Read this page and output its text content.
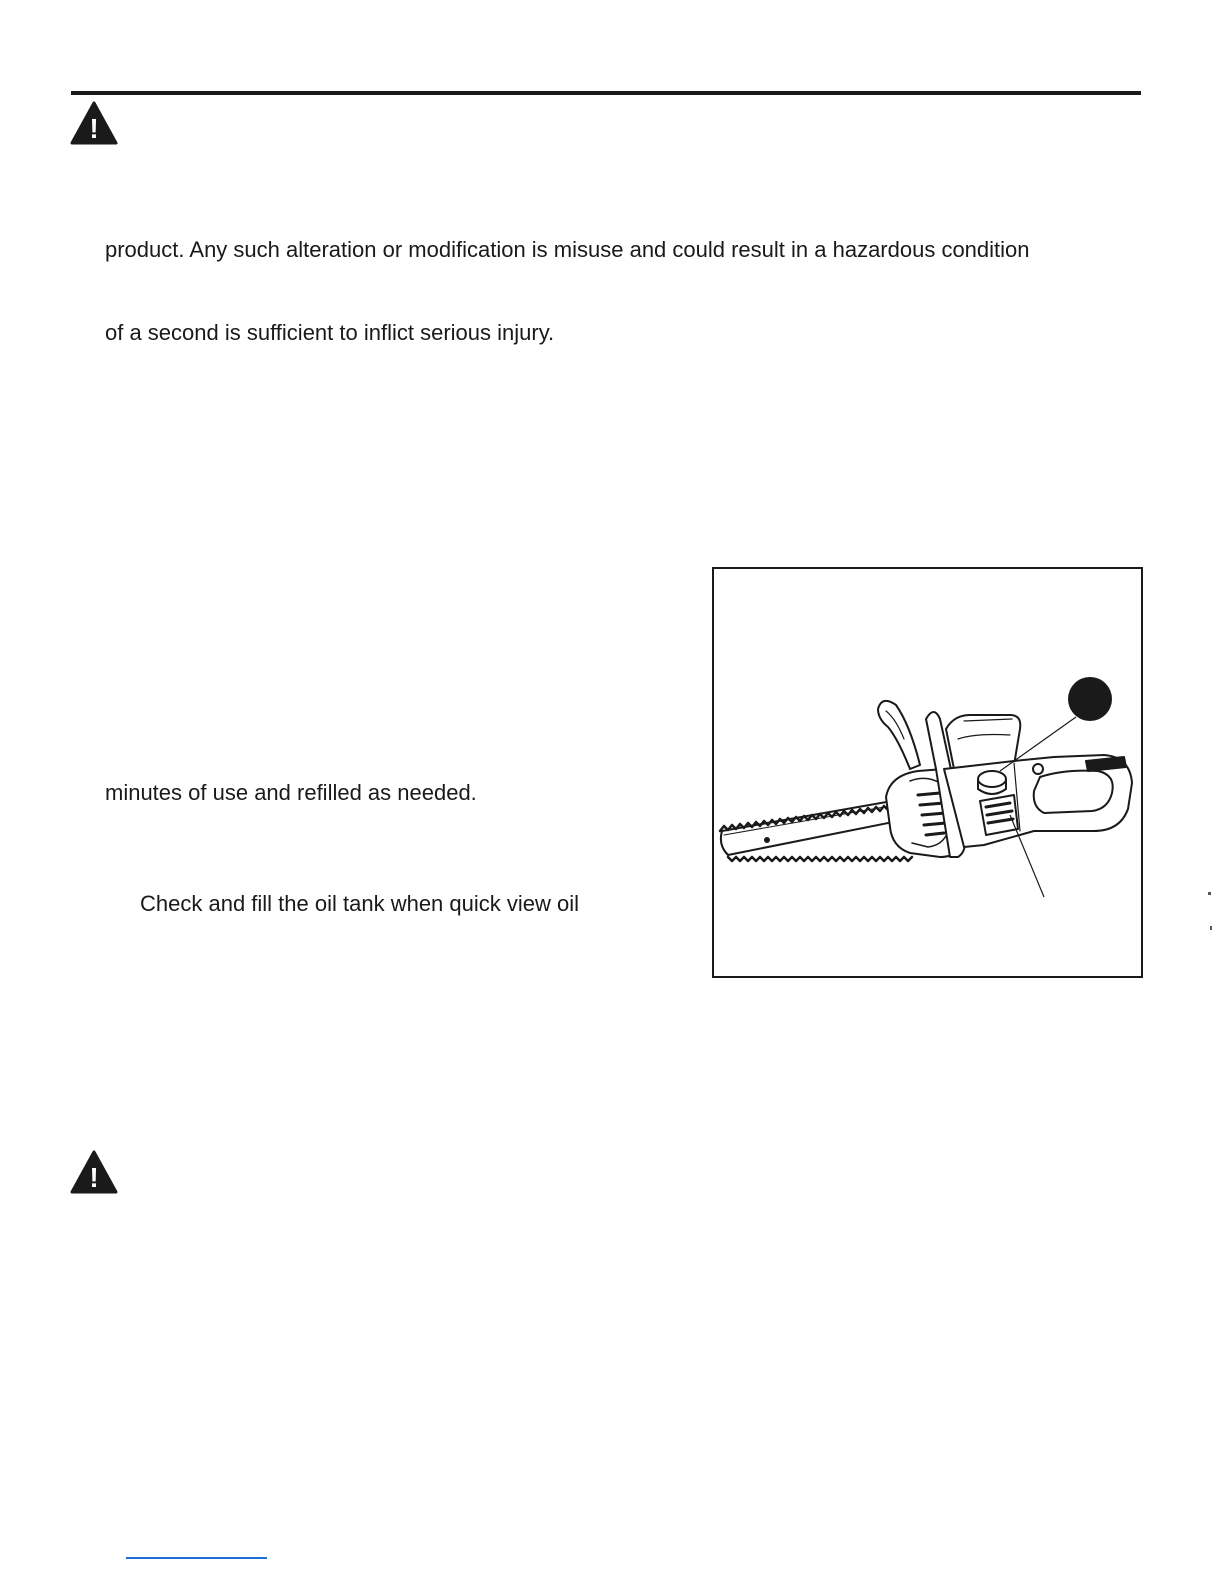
!

product. Any such alteration or modification is misuse and could result in a hazardous condition

of a second is sufficient to inflict serious injury.

minutes of use and refilled as needed.

Check and fill the oil tank when quick view oil

!
